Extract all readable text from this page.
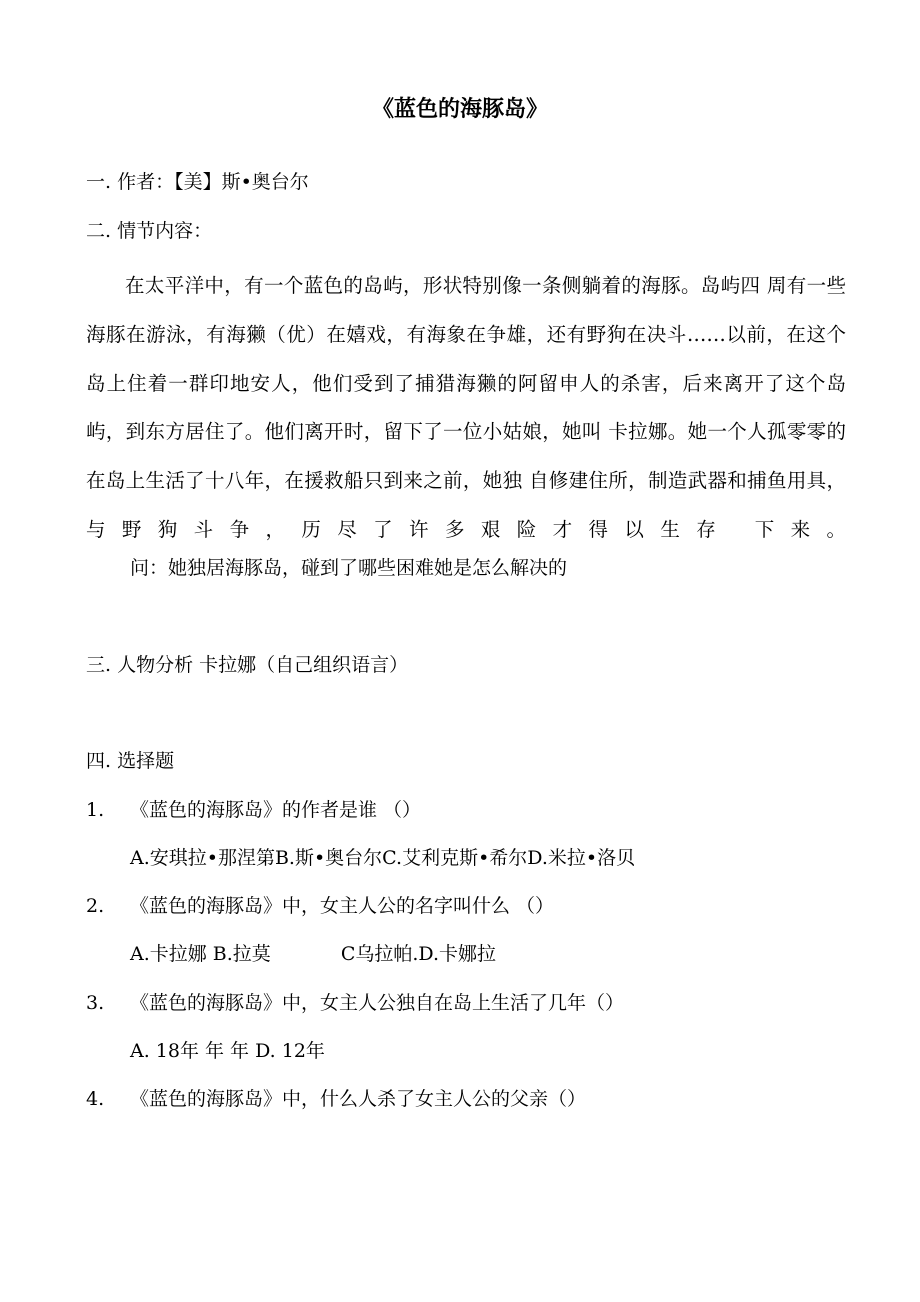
《蓝色的海豚岛》
一. 作者：【美】斯•奥台尔
二. 情节内容：
在太平洋中，有一个蓝色的岛屿，形状特别像一条侧躺着的海豚。岛屿四 周有一些海豚在游泳，有海獭（优）在嬉戏，有海象在争雄，还有野狗在决斗……以前，在这个岛上住着一群印地安人，他们受到了捕猎海獭的阿留申人的杀害，后来离开了这个岛屿，到东方居住了。他们离开时，留下了一位小姑娘，她叫 卡拉娜。她一个人孤零零的在岛上生活了十八年，在援救船只到来之前，她独 自修建住所，制造武器和捕鱼用具，与野狗斗争，历尽了许多艰险才得以生存 下来。
问：她独居海豚岛，碰到了哪些困难她是怎么解决的
三. 人物分析 卡拉娜（自己组织语言）
四. 选择题
1. 《蓝色的海豚岛》的作者是谁 （）
A.安琪拉•那涅第B.斯•奥台尔C.艾利克斯•希尔D.米拉•洛贝
2. 《蓝色的海豚岛》中，女主人公的名字叫什么 （）
A.卡拉娜 B.拉莫	C乌拉帕.D.卡娜拉
3. 《蓝色的海豚岛》中，女主人公独自在岛上生活了几年（）
A. 18年 年 年 D. 12年
4. 《蓝色的海豚岛》中，什么人杀了女主人公的父亲（）
